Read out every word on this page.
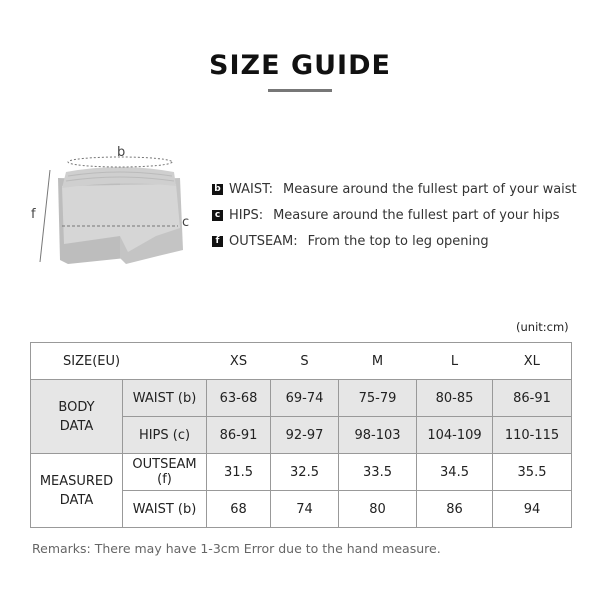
SIZE GUIDE
b
c
f
b WAIST: Measure around the fullest part of your waist
c HIPS: Measure around the fullest part of your hips
f OUTSEAM: From the top to leg opening
(unit:cm)
SIZE(EU)		XS	S	M	L	XL
BODY
DATA	WAIST (b)	63-68	69-74	75-79	80-85	86-91
	HIPS (c)	86-91	92-97	98-103	104-109	110-115
MEASURED
DATA	OUTSEAM (f)	31.5	32.5	33.5	34.5	35.5
	WAIST (b)	68	74	80	86	94
Remarks: There may have 1-3cm Error due to the hand measure.
